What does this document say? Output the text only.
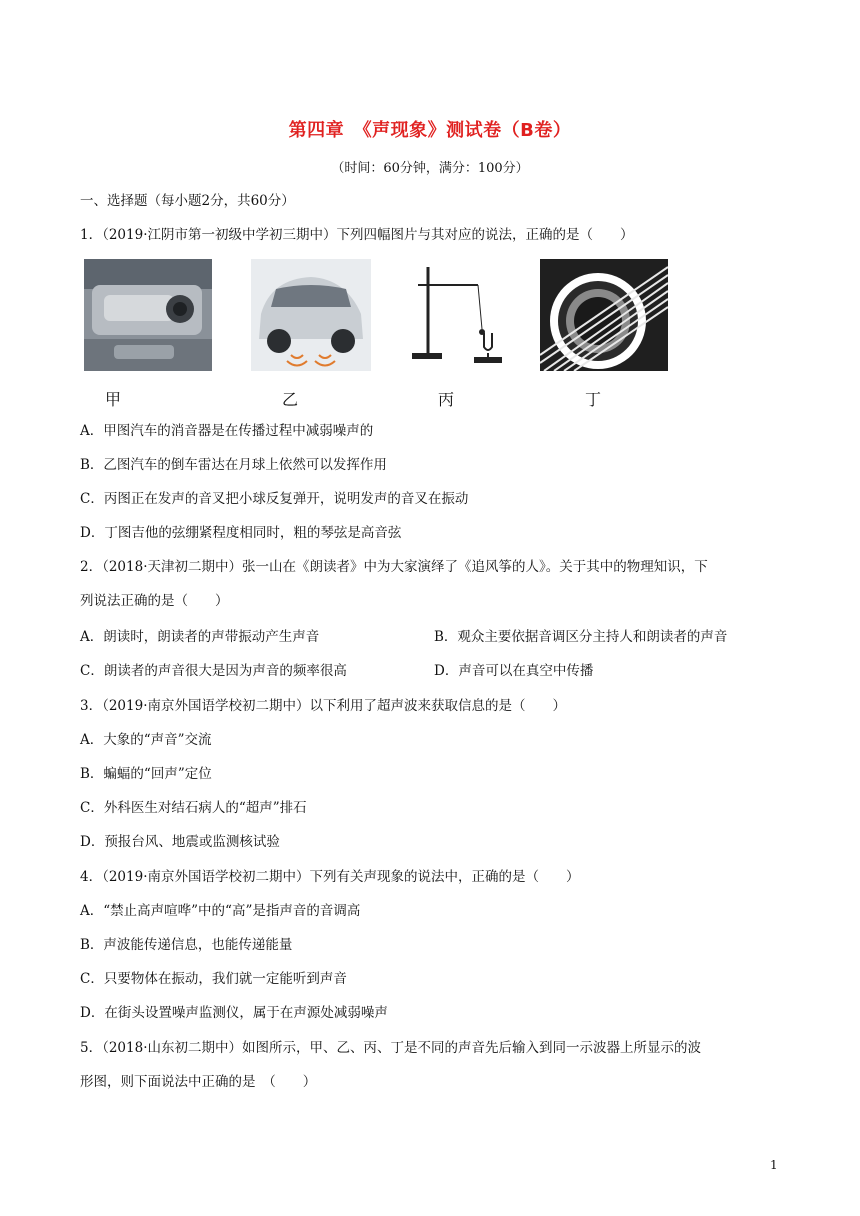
第四章　《声现象》测试卷（B卷）
（时间：60分钟，满分：100分）
一、选择题（每小题2分，共60分）
1．（2019·江阴市第一初级中学初三期中）下列四幅图片与其对应的说法，正确的是（　　）
甲	乙	丙	丁
A．甲图汽车的消音器是在传播过程中减弱噪声的
B．乙图汽车的倒车雷达在月球上依然可以发挥作用
C．丙图正在发声的音叉把小球反复弹开，说明发声的音叉在振动
D．丁图吉他的弦绷紧程度相同时，粗的琴弦是高音弦
2．（2018·天津初二期中）张一山在《朗读者》中为大家演绎了《追风筝的人》。关于其中的物理知识，下
列说法正确的是（　　）
A．朗读时，朗读者的声带振动产生声音	B．观众主要依据音调区分主持人和朗读者的声音
C．朗读者的声音很大是因为声音的频率很高	D．声音可以在真空中传播
3．（2019·南京外国语学校初二期中）以下利用了超声波来获取信息的是（　　）
A．大象的“声音”交流
B．蝙蝠的“回声”定位
C．外科医生对结石病人的“超声”排石
D．预报台风、地震或监测核试验
4．（2019·南京外国语学校初二期中）下列有关声现象的说法中，正确的是（　　）
A．“禁止高声喧哗”中的“高”是指声音的音调高
B．声波能传递信息，也能传递能量
C．只要物体在振动，我们就一定能听到声音
D．在街头设置噪声监测仪，属于在声源处减弱噪声
5．（2018·山东初二期中）如图所示，甲、乙、丙、丁是不同的声音先后输入到同一示波器上所显示的波
形图，则下面说法中正确的是　（　　）
1
